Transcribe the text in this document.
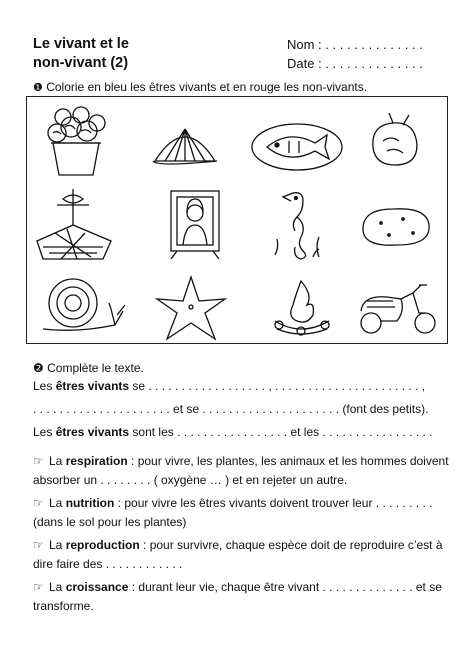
Le vivant et le
non-vivant (2)
Nom : . . . . . . . . . . . . . .
Date : . . . . . . . . . . . . . .
❶ Colorie en bleu les êtres vivants et en rouge les non-vivants.
❷ Complète le texte.

Les êtres vivants se . . . . . . . . . . . . . . . . . . , . . . . . . . . . . . . . . . . . . . . . . ,

. . . . . . . . . . . . . . . . . . . . . et se . . . . . . . . . . . . . . . . . . . . . (font des petits).

Les êtres vivants sont les . . . . . . . . . . . . . . . . . et les . . . . . . . . . . . . . . . . .

☞ La respiration : pour vivre, les plantes, les animaux et les hommes doivent absorber un . . . . . . . . ( oxygène … ) et en rejeter un autre.
☞ La nutrition : pour vivre les êtres vivants doivent trouver leur . . . . . . . . . (dans le sol pour les plantes)
☞ La reproduction : pour survivre, chaque espèce doit de reproduire c’est à dire faire des . . . . . . . . . . . .
☞ La croissance : durant leur vie, chaque être vivant . . . . . . . . . . . . . . et se transforme.
